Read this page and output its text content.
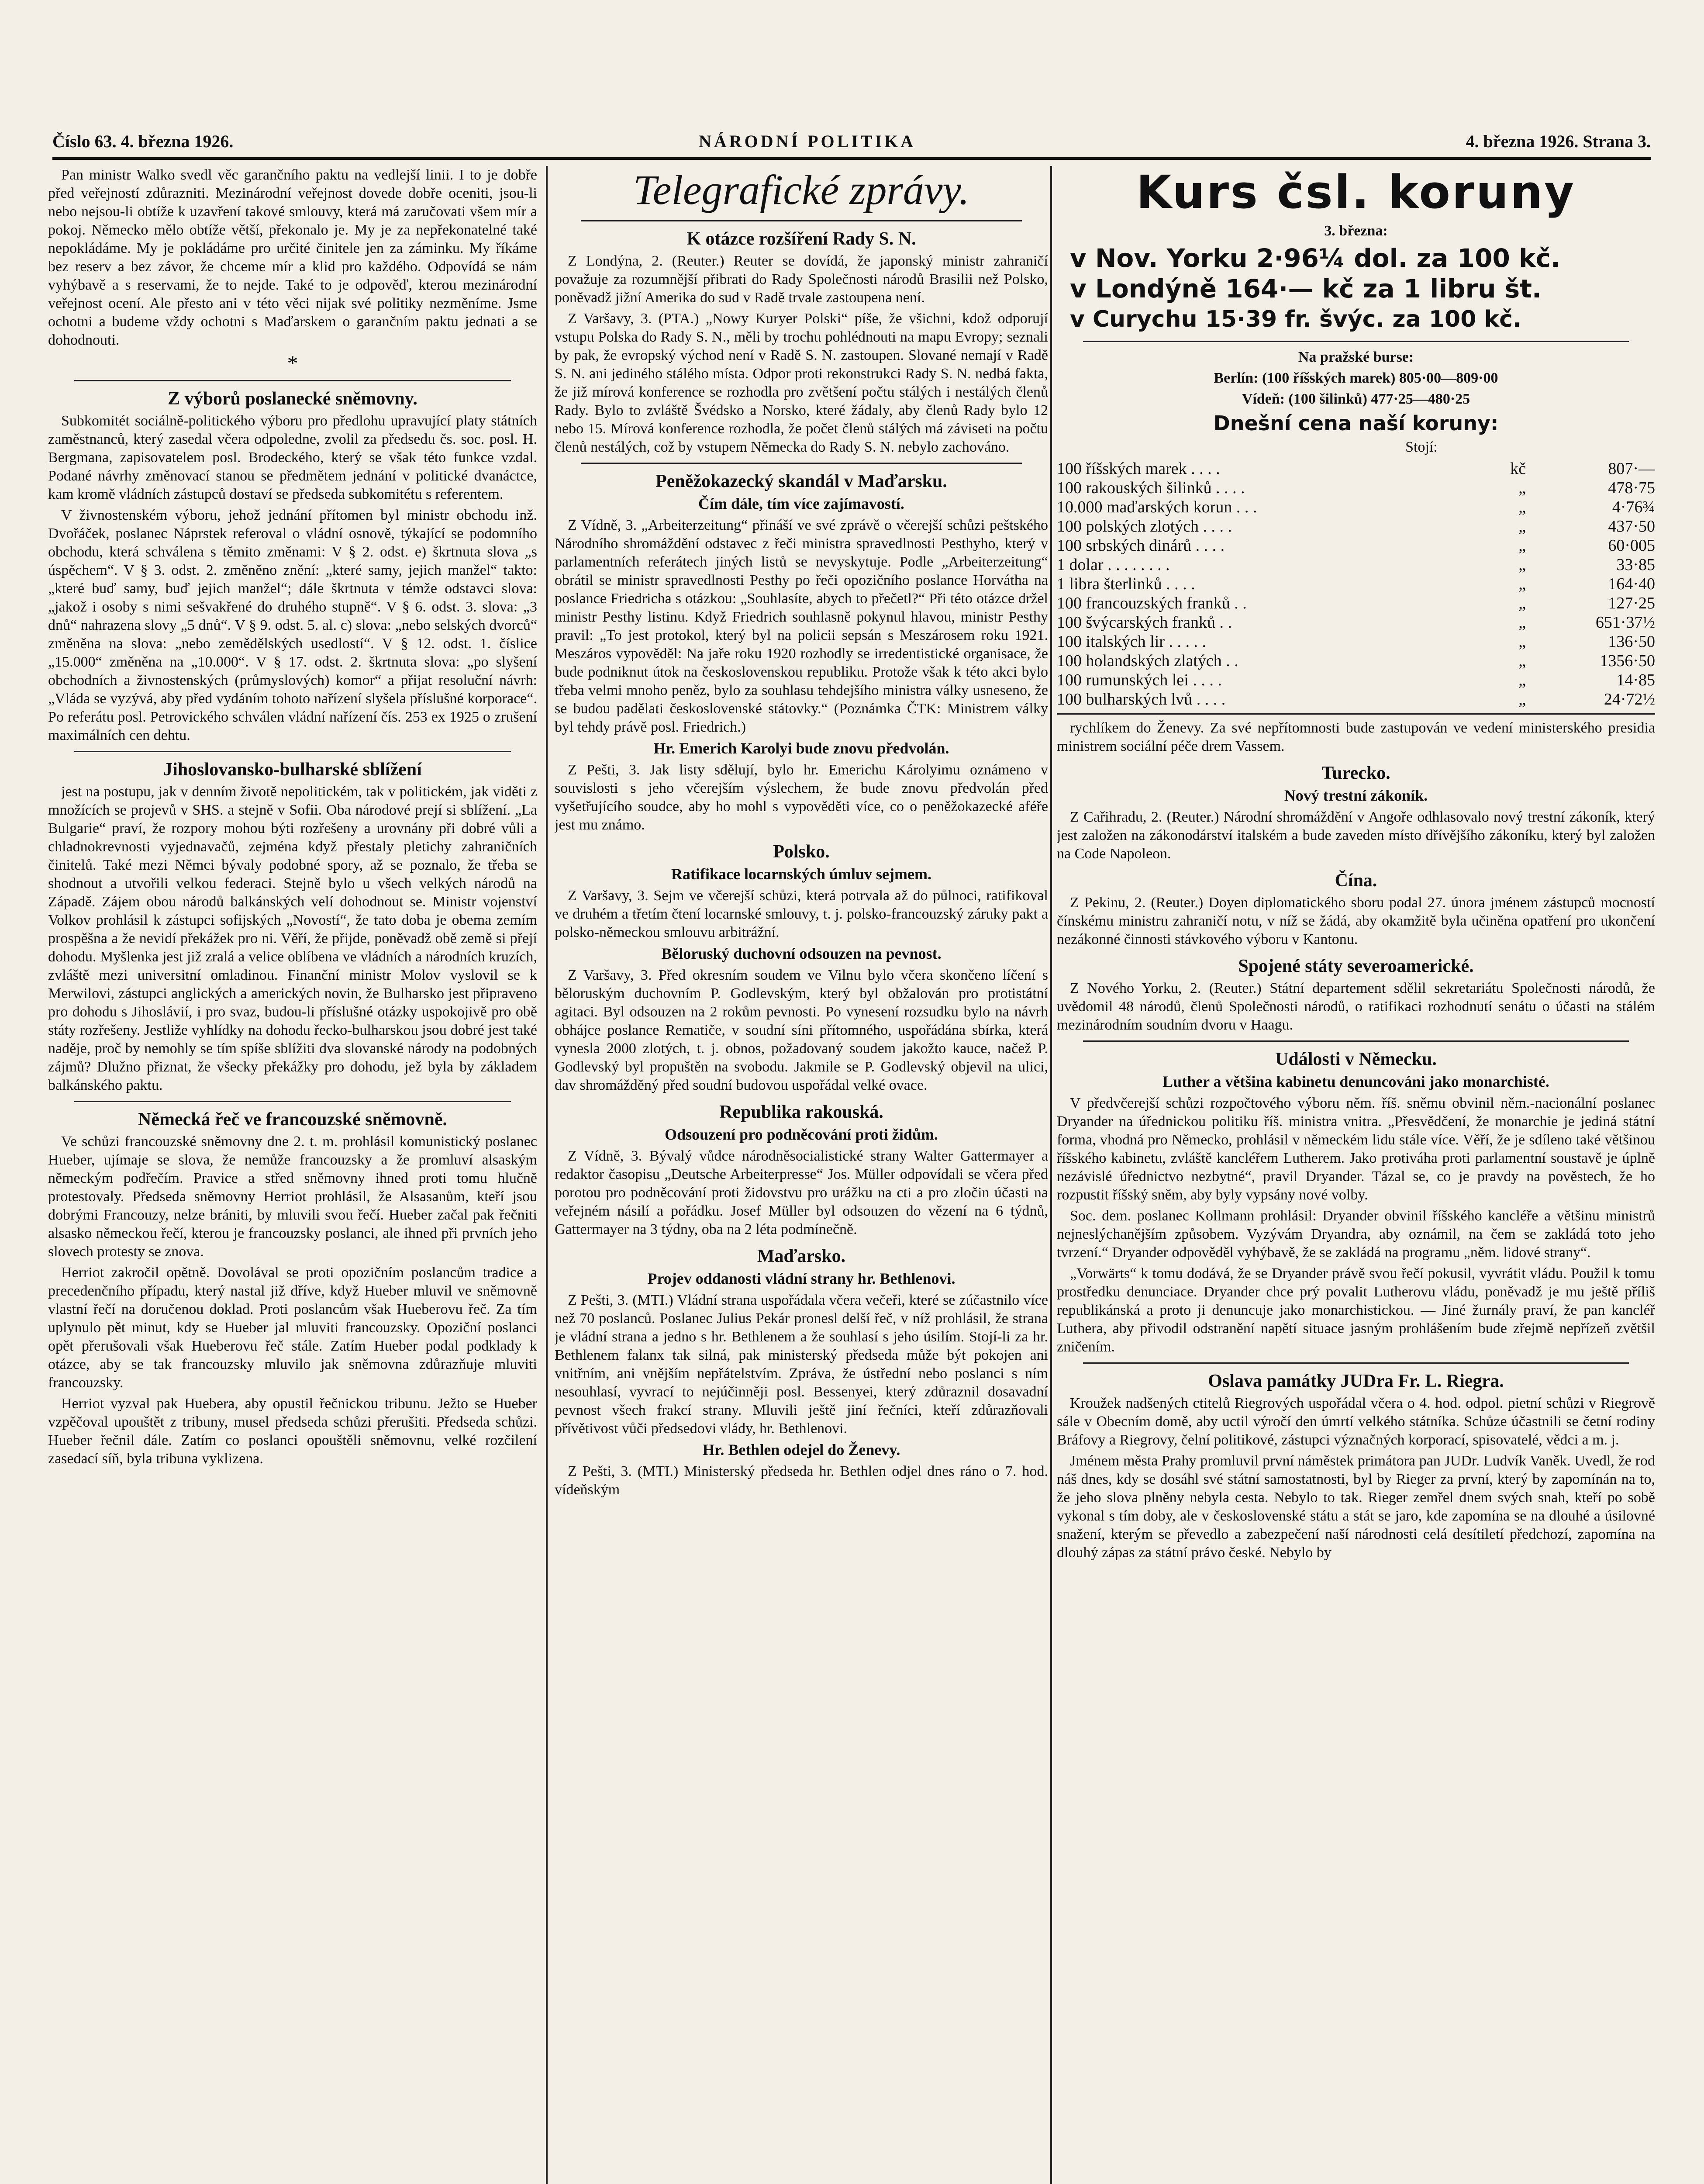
Číslo 63. 4. března 1926.	NÁRODNÍ POLITIKA	4. března 1926. Strana 3.

Pan ministr Walko svedl věc garančního paktu na vedlejší linii. I to je dobře před veřejností zdůrazniti. Mezinárodní veřejnost dovede dobře oceniti, jsou-li nebo nejsou-li obtíže k uzavření takové smlouvy, která má zaručovati všem mír a pokoj. Německo mělo obtíže větší, překonalo je. My je za nepřekonatelné také nepokládáme. My je pokládáme pro určité činitele jen za záminku. My říkáme bez reserv a bez závor, že chceme mír a klid pro každého. Odpovídá se nám vyhýbavě a s reservami, že to nejde. Také to je odpověď, kterou mezinárodní veřejnost ocení. Ale přesto ani v této věci nijak své politiky nezměníme. Jsme ochotni a budeme vždy ochotni s Maďarskem o garančním paktu jednati a se dohodnouti.

*
Z výborů poslanecké sněmovny.

Subkomitét sociálně-politického výboru pro předlohu upravující platy státních zaměstnanců, který zasedal včera odpoledne, zvolil za předsedu čs. soc. posl. H. Bergmana, zapisovatelem posl. Brodeckého, který se však této funkce vzdal. Podané návrhy změnovací stanou se předmětem jednání v politické dvanáctce, kam kromě vládních zástupců dostaví se předseda subkomitétu s referentem.

V živnostenském výboru, jehož jednání přítomen byl ministr obchodu inž. Dvořáček, poslanec Náprstek referoval o vládní osnově, týkající se podomního obchodu, která schválena s těmito změnami: V § 2. odst. e) škrtnuta slova „s úspěchem“. V § 3. odst. 2. změněno znění: „které samy, jejich manžel“ takto: „které buď samy, buď jejich manžel“; dále škrtnuta v témže odstavci slova: „jakož i osoby s nimi sešvakřené do druhého stupně“. V § 6. odst. 3. slova: „3 dnů“ nahrazena slovy „5 dnů“. V § 9. odst. 5. al. c) slova: „nebo selských dvorců“ změněna na slova: „nebo zemědělských usedlostí“. V § 12. odst. 1. číslice „15.000“ změněna na „10.000“. V § 17. odst. 2. škrtnuta slova: „po slyšení obchodních a živnostenských (průmyslových) komor“ a přijat resoluční návrh: „Vláda se vyzývá, aby před vydáním tohoto nařízení slyšela příslušné korporace“. Po referátu posl. Petrovického schválen vládní nařízení čís. 253 ex 1925 o zrušení maximálních cen dehtu.

Jihoslovansko-bulharské sblížení

jest na postupu, jak v denním životě nepolitickém, tak v politickém, jak viděti z množících se projevů v SHS. a stejně v Sofii. Oba národové prejí si sblížení. „La Bulgarie“ praví, že rozpory mohou býti rozřešeny a urovnány při dobré vůli a chladnokrevnosti vyjednavačů, zejména když přestaly pletichy zahraničních činitelů. Také mezi Němci bývaly podobné spory, až se poznalo, že třeba se shodnout a utvořili velkou federaci. Stejně bylo u všech velkých národů na Západě. Zájem obou národů balkánských velí dohodnout se. Ministr vojenství Volkov prohlásil k zástupci sofijských „Novostí“, že tato doba je obema zemím prospěšna a že nevidí překážek pro ni. Věří, že přijde, poněvadž obě země si přejí dohodu. Myšlenka jest již zralá a velice oblíbena ve vládních a národních kruzích, zvláště mezi universitní omladinou. Finanční ministr Molov vyslovil se k Merwilovi, zástupci anglických a amerických novin, že Bulharsko jest připraveno pro dohodu s Jihoslávií, i pro svaz, budou-li příslušné otázky uspokojivě pro obě státy rozřešeny. Jestliže vyhlídky na dohodu řecko-bulharskou jsou dobré jest také naděje, proč by nemohly se tím spíše sblížiti dva slovanské národy na podobných zájmů? Dlužno přiznat, že všecky překážky pro dohodu, jež byla by základem balkánského paktu.

Německá řeč ve francouzské sněmovně.

Ve schůzi francouzské sněmovny dne 2. t. m. prohlásil komunistický poslanec Hueber, ujímaje se slova, že nemůže francouzsky a že promluví alsaským německým podřečím. Pravice a střed sněmovny ihned proti tomu hlučně protestovaly. Předseda sněmovny Herriot prohlásil, že Alsasanům, kteří jsou dobrými Francouzy, nelze brániti, by mluvili svou řečí. Hueber začal pak řečniti alsasko německou řečí, kterou je francouzsky poslanci, ale ihned při prvních jeho slovech protesty se znova.

Herriot zakročil opětně. Dovolával se proti opozičním poslancům tradice a precedenčního případu, který nastal již dříve, když Hueber mluvil ve sněmovně vlastní řečí na doručenou doklad. Proti poslancům však Hueberovu řeč. Za tím uplynulo pět minut, kdy se Hueber jal mluviti francouzsky. Opoziční poslanci opět přerušovali však Hueberovu řeč stále. Zatím Hueber podal podklady k otázce, aby se tak francouzsky mluvilo jak sněmovna zdůrazňuje mluviti francouzsky.

Herriot vyzval pak Huebera, aby opustil řečnickou tribunu. Ježto se Hueber vzpěčoval upouštět z tribuny, musel předseda schůzi přerušiti. Předseda schůzi. Hueber řečnil dále. Zatím co poslanci opouštěli sněmovnu, velké rozčilení zasedací síň, byla tribuna vyklizena.

Telegrafické zprávy.
K otázce rozšíření Rady S. N.

Z Londýna, 2. (Reuter.) Reuter se dovídá, že japonský ministr zahraničí považuje za rozumnější přibrati do Rady Společnosti národů Brasilii než Polsko, poněvadž jižní Amerika do sud v Radě trvale zastoupena není.

Z Varšavy, 3. (PTA.) „Nowy Kuryer Polski“ píše, že všichni, kdož odporují vstupu Polska do Rady S. N., měli by trochu pohlédnouti na mapu Evropy; seznali by pak, že evropský východ není v Radě S. N. zastoupen. Slované nemají v Radě S. N. ani jediného stálého místa. Odpor proti rekonstrukci Rady S. N. nedbá fakta, že již mírová konference se rozhodla pro zvětšení počtu stálých i nestálých členů Rady. Bylo to zvláště Švédsko a Norsko, které žádaly, aby členů Rady bylo 12 nebo 15. Mírová konference rozhodla, že počet členů stálých má záviseti na počtu členů nestálých, což by vstupem Německa do Rady S. N. nebylo zachováno.

Peněžokazecký skandál v Maďarsku.
Čím dále, tím více zajímavostí.

Z Vídně, 3. „Arbeiterzeitung“ přináší ve své zprávě o včerejší schůzi peštského Národního shromáždění odstavec z řeči ministra spravedlnosti Pesthyho, který v parlamentních referátech jiných listů se nevyskytuje. Podle „Arbeiterzeitung“ obrátil se ministr spravedlnosti Pesthy po řeči opozičního poslance Horvátha na poslance Friedricha s otázkou: „Souhlasíte, abych to přečetl?“ Při této otázce držel ministr Pesthy listinu. Když Friedrich souhlasně pokynul hlavou, ministr Pesthy pravil: „To jest protokol, který byl na policii sepsán s Meszárosem roku 1921. Meszáros vypověděl: Na jaře roku 1920 rozhodly se irredentistické organisace, že bude podniknut útok na československou republiku. Protože však k této akci bylo třeba velmi mnoho peněz, bylo za souhlasu tehdejšího ministra války usneseno, že se budou padělati československé státovky.“ (Poznámka ČTK: Ministrem války byl tehdy právě posl. Friedrich.)

Hr. Emerich Karolyi bude znovu předvolán.

Z Pešti, 3. Jak listy sdělují, bylo hr. Emerichu Károlyimu oznámeno v souvislosti s jeho včerejším výslechem, že bude znovu předvolán před vyšetřujícího soudce, aby ho mohl s vypověděti více, co o peněžokazecké aféře jest mu známo.

Polsko.
Ratifikace locarnských úmluv sejmem.

Z Varšavy, 3. Sejm ve včerejší schůzi, která potrvala až do půlnoci, ratifikoval ve druhém a třetím čtení locarnské smlouvy, t. j. polsko-francouzský záruky pakt a polsko-německou smlouvu arbitrážní.

Běloruský duchovní odsouzen na pevnost.

Z Varšavy, 3. Před okresním soudem ve Vilnu bylo včera skončeno líčení s běloruským duchovním P. Godlevským, který byl obžalován pro protistátní agitaci. Byl odsouzen na 2 rokům pevnosti. Po vynesení rozsudku bylo na návrh obhájce poslance Rematiče, v soudní síni přítomného, uspořádána sbírka, která vynesla 2000 zlotých, t. j. obnos, požadovaný soudem jakožto kauce, načež P. Godlevský byl propuštěn na svobodu. Jakmile se P. Godlevský objevil na ulici, dav shromážděný před soudní budovou uspořádal velké ovace.

Republika rakouská.
Odsouzení pro podněcování proti židům.

Z Vídně, 3. Bývalý vůdce národněsocialistické strany Walter Gattermayer a redaktor časopisu „Deutsche Arbeiterpresse“ Jos. Müller odpovídali se včera před porotou pro podněcování proti židovstvu pro urážku na cti a pro zločin účasti na veřejném násilí a pořádku. Josef Müller byl odsouzen do vězení na 6 týdnů, Gattermayer na 3 týdny, oba na 2 léta podmínečně.

Maďarsko.
Projev oddanosti vládní strany hr. Bethlenovi.

Z Pešti, 3. (MTI.) Vládní strana uspořádala včera večeři, které se zúčastnilo více než 70 poslanců. Poslanec Julius Pekár pronesl delší řeč, v níž prohlásil, že strana je vládní strana a jedno s hr. Bethlenem a že souhlasí s jeho úsilím. Stojí-li za hr. Bethlenem falanx tak silná, pak ministerský předseda může být pokojen ani vnitřním, ani vnějším nepřátelstvím. Zpráva, že ústřední nebo poslanci s ním nesouhlasí, vyvrací to nejúčinněji posl. Bessenyei, který zdůraznil dosavadní pevnost všech frakcí strany. Mluvili ještě jiní řečníci, kteří zdůrazňovali přívětivost vůči předsedovi vlády, hr. Bethlenovi.

Hr. Bethlen odejel do Ženevy.

Z Pešti, 3. (MTI.) Ministerský předseda hr. Bethlen odjel dnes ráno o 7. hod. vídeňským

Kurs čsl. koruny

3. března:

v Nov. Yorku 2·96¼ dol. za 100 kč.

v Londýně 164·— kč za 1 libru št.

v Curychu 15·39 fr. švýc. za 100 kč.

Na pražské burse:

Berlín: (100 říšských marek) 805·00—809·00

Vídeň: (100 šilinků) 477·25—480·25

Dnešní cena naší koruny:

Stojí:

100 říšských marek . . . .	kč	807·—
100 rakouských šilinků . . . .	„	478·75
10.000 maďarských korun . . .	„	4·76¾
100 polských zlotých . . . .	„	437·50
100 srbských dinárů . . . .	„	60·005
1 dolar . . . . . . . .	„	33·85
1 libra šterlinků . . . .	„	164·40
100 francouzských franků . .	„	127·25
100 švýcarských franků . .	„	651·37½
100 italských lir . . . . .	„	136·50
100 holandských zlatých . .	„	1356·50
100 rumunských lei . . . .	„	14·85
100 bulharských lvů . . . .	„	24·72½

rychlíkem do Ženevy. Za své nepřítomnosti bude zastupován ve vedení ministerského presidia ministrem sociální péče drem Vassem.

Turecko.
Nový trestní zákoník.

Z Cařihradu, 2. (Reuter.) Národní shromáždění v Angoře odhlasovalo nový trestní zákoník, který jest založen na zákonodárství italském a bude zaveden místo dřívějšího zákoníku, který byl založen na Code Napoleon.

Čína.

Z Pekinu, 2. (Reuter.) Doyen diplomatického sboru podal 27. února jménem zástupců mocností čínskému ministru zahraničí notu, v níž se žádá, aby okamžitě byla učiněna opatření pro ukončení nezákonné činnosti stávkového výboru v Kantonu.

Spojené státy severoamerické.

Z Nového Yorku, 2. (Reuter.) Státní departement sdělil sekretariátu Společnosti národů, že uvědomil 48 národů, členů Společnosti národů, o ratifikaci rozhodnutí senátu o účasti na stálém mezinárodním soudním dvoru v Haagu.

Události v Německu.
Luther a většina kabinetu denuncováni jako monarchisté.

V předvčerejší schůzi rozpočtového výboru něm. říš. sněmu obvinil něm.-nacionální poslanec Dryander na úřednickou politiku říš. ministra vnitra. „Přesvědčení, že monarchie je jediná státní forma, vhodná pro Německo, prohlásil v německém lidu stále více. Věří, že je sdíleno také většinou říšského kabinetu, zvláště kancléřem Lutherem. Jako protiváha proti parlamentní soustavě je úplně nezávislé úřednictvo nezbytné“, pravil Dryander. Tázal se, co je pravdy na pověstech, že ho rozpustit říšský sněm, aby byly vypsány nové volby.

Soc. dem. poslanec Kollmann prohlásil: Dryander obvinil říšského kancléře a většinu ministrů nejneslýchanějším způsobem. Vyzývám Dryandra, aby oznámil, na čem se zakládá toto jeho tvrzení.“ Dryander odpověděl vyhýbavě, že se zakládá na programu „něm. lidové strany“.

„Vorwärts“ k tomu dodává, že se Dryander právě svou řečí pokusil, vyvrátit vládu. Použil k tomu prostředku denunciace. Dryander chce prý povalit Lutherovu vládu, poněvadž je mu ještě příliš republikánská a proto ji denuncuje jako monarchistickou. — Jiné žurnály praví, že pan kancléř Luthera, aby přivodil odstranění napětí situace jasným prohlášením bude zřejmě nepřízeň zvětšil zničením.

Oslava památky JUDra Fr. L. Riegra.

Kroužek nadšených ctitelů Riegrových uspořádal včera o 4. hod. odpol. pietní schůzi v Riegrově sále v Obecním domě, aby uctil výročí den úmrtí velkého státníka. Schůze účastnili se četní rodiny Bráfovy a Riegrovy, čelní politikové, zástupci význačných korporací, spisovatelé, vědci a m. j.

Jménem města Prahy promluvil první náměstek primátora pan JUDr. Ludvík Vaněk. Uvedl, že rod náš dnes, kdy se dosáhl své státní samostatnosti, byl by Rieger za první, který by zapomínán na to, že jeho slova plněny nebyla cesta. Nebylo to tak. Rieger zemřel dnem svých snah, kteří po sobě vykonal s tím doby, ale v československé státu a stát se jaro, kde zapomína se na dlouhé a úsilovné snažení, kterým se převedlo a zabezpečení naší národnosti celá desítiletí předchozí, zapomína na dlouhý zápas za státní právo české. Nebylo by
